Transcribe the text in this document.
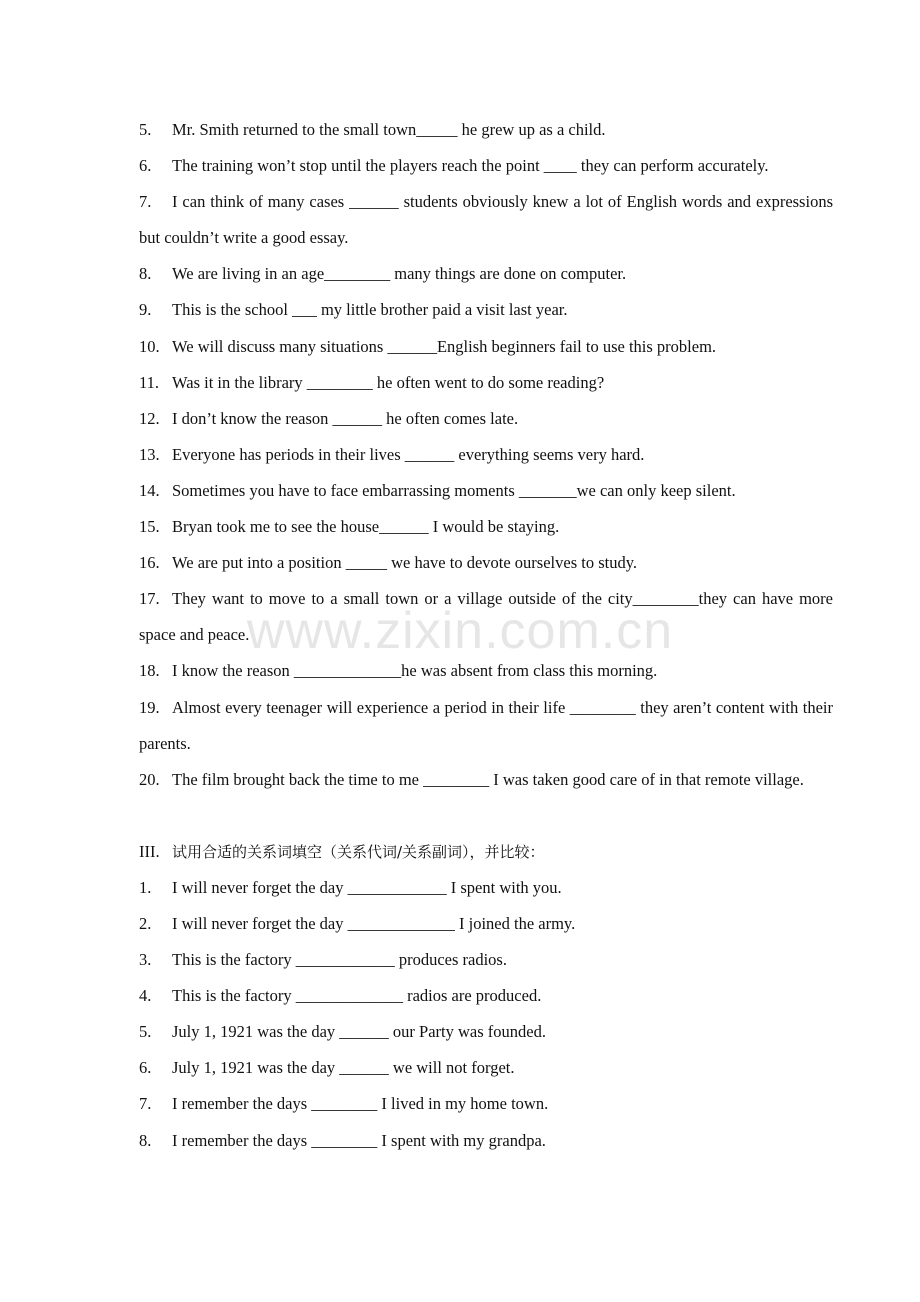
5.	Mr. Smith returned to the small town_____ he grew up as a child.
6.	The training won’t stop until the players reach the point ____ they can perform accurately.
7. I can think of many cases ______ students obviously knew a lot of English words and expressions but couldn’t write a good essay.
8.	We are living in an age________ many things are done on computer.
9.	This is the school ___ my little brother paid a visit last year.
10. We will discuss many situations ______English beginners fail to use this problem.
11. Was it in the library ________ he often went to do some reading?
12. I don’t know the reason ______ he often comes late.
13. Everyone has periods in their lives ______ everything seems very hard.
14. Sometimes you have to face embarrassing moments _______we can only keep silent.
15. Bryan took me to see the house______ I would be staying.
16. We are put into a position _____ we have to devote ourselves to study.
17. They want to move to a small town or a village outside of the city________they can have more space and peace.
18. I know the reason _____________he was absent from class this morning.
19. Almost every teenager will experience a period in their life ________ they aren’t content with their parents.
20. The film brought back the time to me ________ I was taken good care of in that remote village.
III. 试用合适的关系词填空（关系代词/关系副词），并比较：
1.	I will never forget the day ____________ I spent with you.
2.	I will never forget the day _____________ I joined the army.
3.	This is the factory ____________ produces radios.
4.	This is the factory _____________ radios are produced.
5.	July 1, 1921 was the day ______ our Party was founded.
6.	July 1, 1921 was the day ______ we will not forget.
7.	I remember the days ________ I lived in my home town.
8.	I remember the days ________ I spent with my grandpa.
www.zixin.com.cn
